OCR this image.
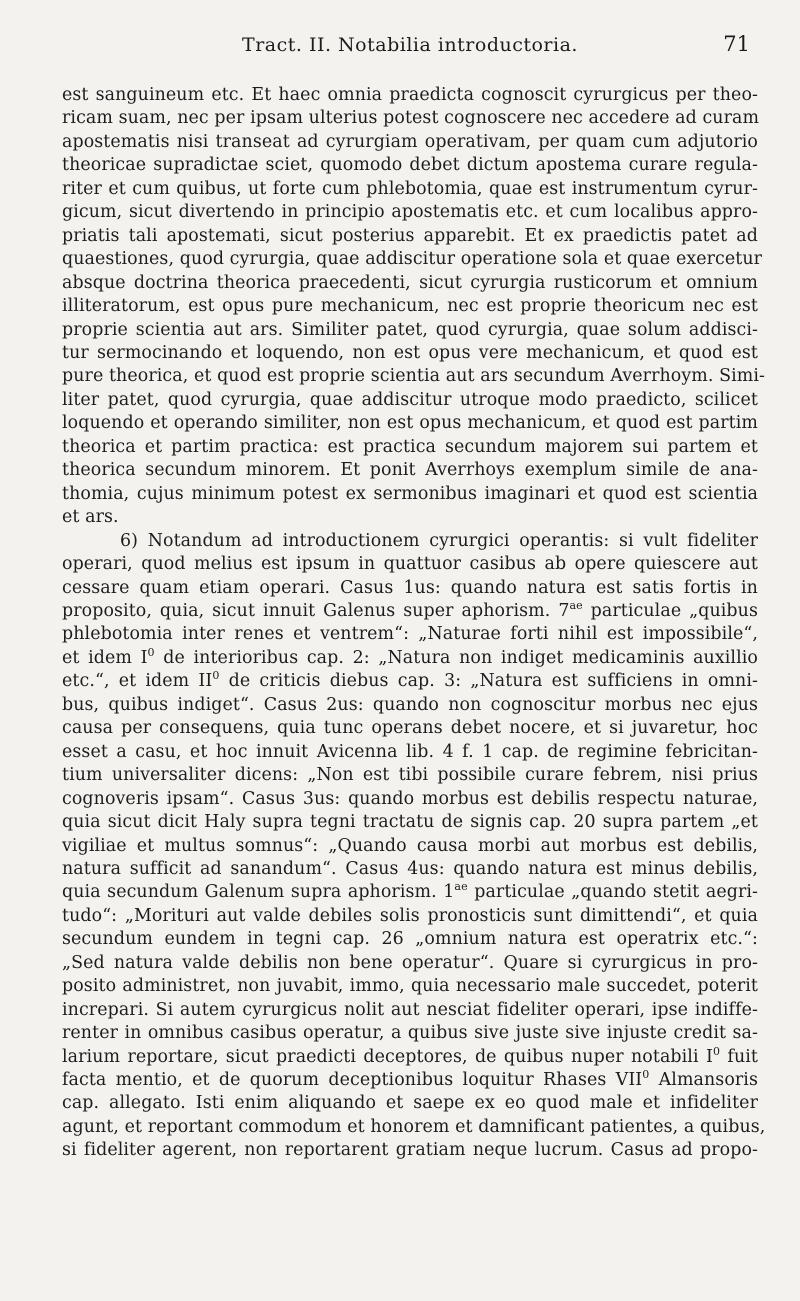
Tract. II. Notabilia introductoria.	71
est sanguineum etc. Et haec omnia praedicta cognoscit cyrurgicus per theo-
ricam suam, nec per ipsam ulterius potest cognoscere nec accedere ad curam
apostematis nisi transeat ad cyrurgiam operativam, per quam cum adjutorio
theoricae supradictae sciet, quomodo debet dictum apostema curare regula-
riter et cum quibus, ut forte cum phlebotomia, quae est instrumentum cyrur-
gicum, sicut divertendo in principio apostematis etc. et cum localibus appro-
priatis tali apostemati, sicut posterius apparebit. Et ex praedictis patet ad
quaestiones, quod cyrurgia, quae addiscitur operatione sola et quae exercetur
absque doctrina theorica praecedenti, sicut cyrurgia rusticorum et omnium
illiteratorum, est opus pure mechanicum, nec est proprie theoricum nec est
proprie scientia aut ars. Similiter patet, quod cyrurgia, quae solum addisci-
tur sermocinando et loquendo, non est opus vere mechanicum, et quod est
pure theorica, et quod est proprie scientia aut ars secundum Averrhoym. Simi-
liter patet, quod cyrurgia, quae addiscitur utroque modo praedicto, scilicet
loquendo et operando similiter, non est opus mechanicum, et quod est partim
theorica et partim practica: est practica secundum majorem sui partem et
theorica secundum minorem. Et ponit Averrhoys exemplum simile de ana-
thomia, cujus minimum potest ex sermonibus imaginari et quod est scientia
et ars.
6) Notandum ad introductionem cyrurgici operantis: si vult fideliter
operari, quod melius est ipsum in quattuor casibus ab opere quiescere aut
cessare quam etiam operari. Casus 1us: quando natura est satis fortis in
proposito, quia, sicut innuit Galenus super aphorism. $7^{ae}$ particulae „quibus
phlebotomia inter renes et ventrem“: „Naturae forti nihil est impossibile“,
et idem $I^0$ de interioribus cap. 2: „Natura non indiget medicaminis auxillio
etc.“, et idem $II^0$ de criticis diebus cap. 3: „Natura est sufficiens in omni-
bus, quibus indiget“. Casus 2us: quando non cognoscitur morbus nec ejus
causa per consequens, quia tunc operans debet nocere, et si juvaretur, hoc
esset a casu, et hoc innuit Avicenna lib. 4 f. 1 cap. de regimine febricitan-
tium universaliter dicens: „Non est tibi possibile curare febrem, nisi prius
cognoveris ipsam“. Casus 3us: quando morbus est debilis respectu naturae,
quia sicut dicit Haly supra tegni tractatu de signis cap. 20 supra partem „et
vigiliae et multus somnus“: „Quando causa morbi aut morbus est debilis,
natura sufficit ad sanandum“. Casus 4us: quando natura est minus debilis,
quia secundum Galenum supra aphorism. $1^{ae}$ particulae „quando stetit aegri-
tudo“: „Morituri aut valde debiles solis pronosticis sunt dimittendi“, et quia
secundum eundem in tegni cap. 26 „omnium natura est operatrix etc.“:
„Sed natura valde debilis non bene operatur“. Quare si cyrurgicus in pro-
posito administret, non juvabit, immo, quia necessario male succedet, poterit
increpari. Si autem cyrurgicus nolit aut nesciat fideliter operari, ipse indiffe-
renter in omnibus casibus operatur, a quibus sive juste sive injuste credit sa-
larium reportare, sicut praedicti deceptores, de quibus nuper notabili $I^0$ fuit
facta mentio, et de quorum deceptionibus loquitur Rhases VII$^0$ Almansoris
cap. allegato. Isti enim aliquando et saepe ex eo quod male et infideliter
agunt, et reportant commodum et honorem et damnificant patientes, a quibus,
si fideliter agerent, non reportarent gratiam neque lucrum. Casus ad propo-
